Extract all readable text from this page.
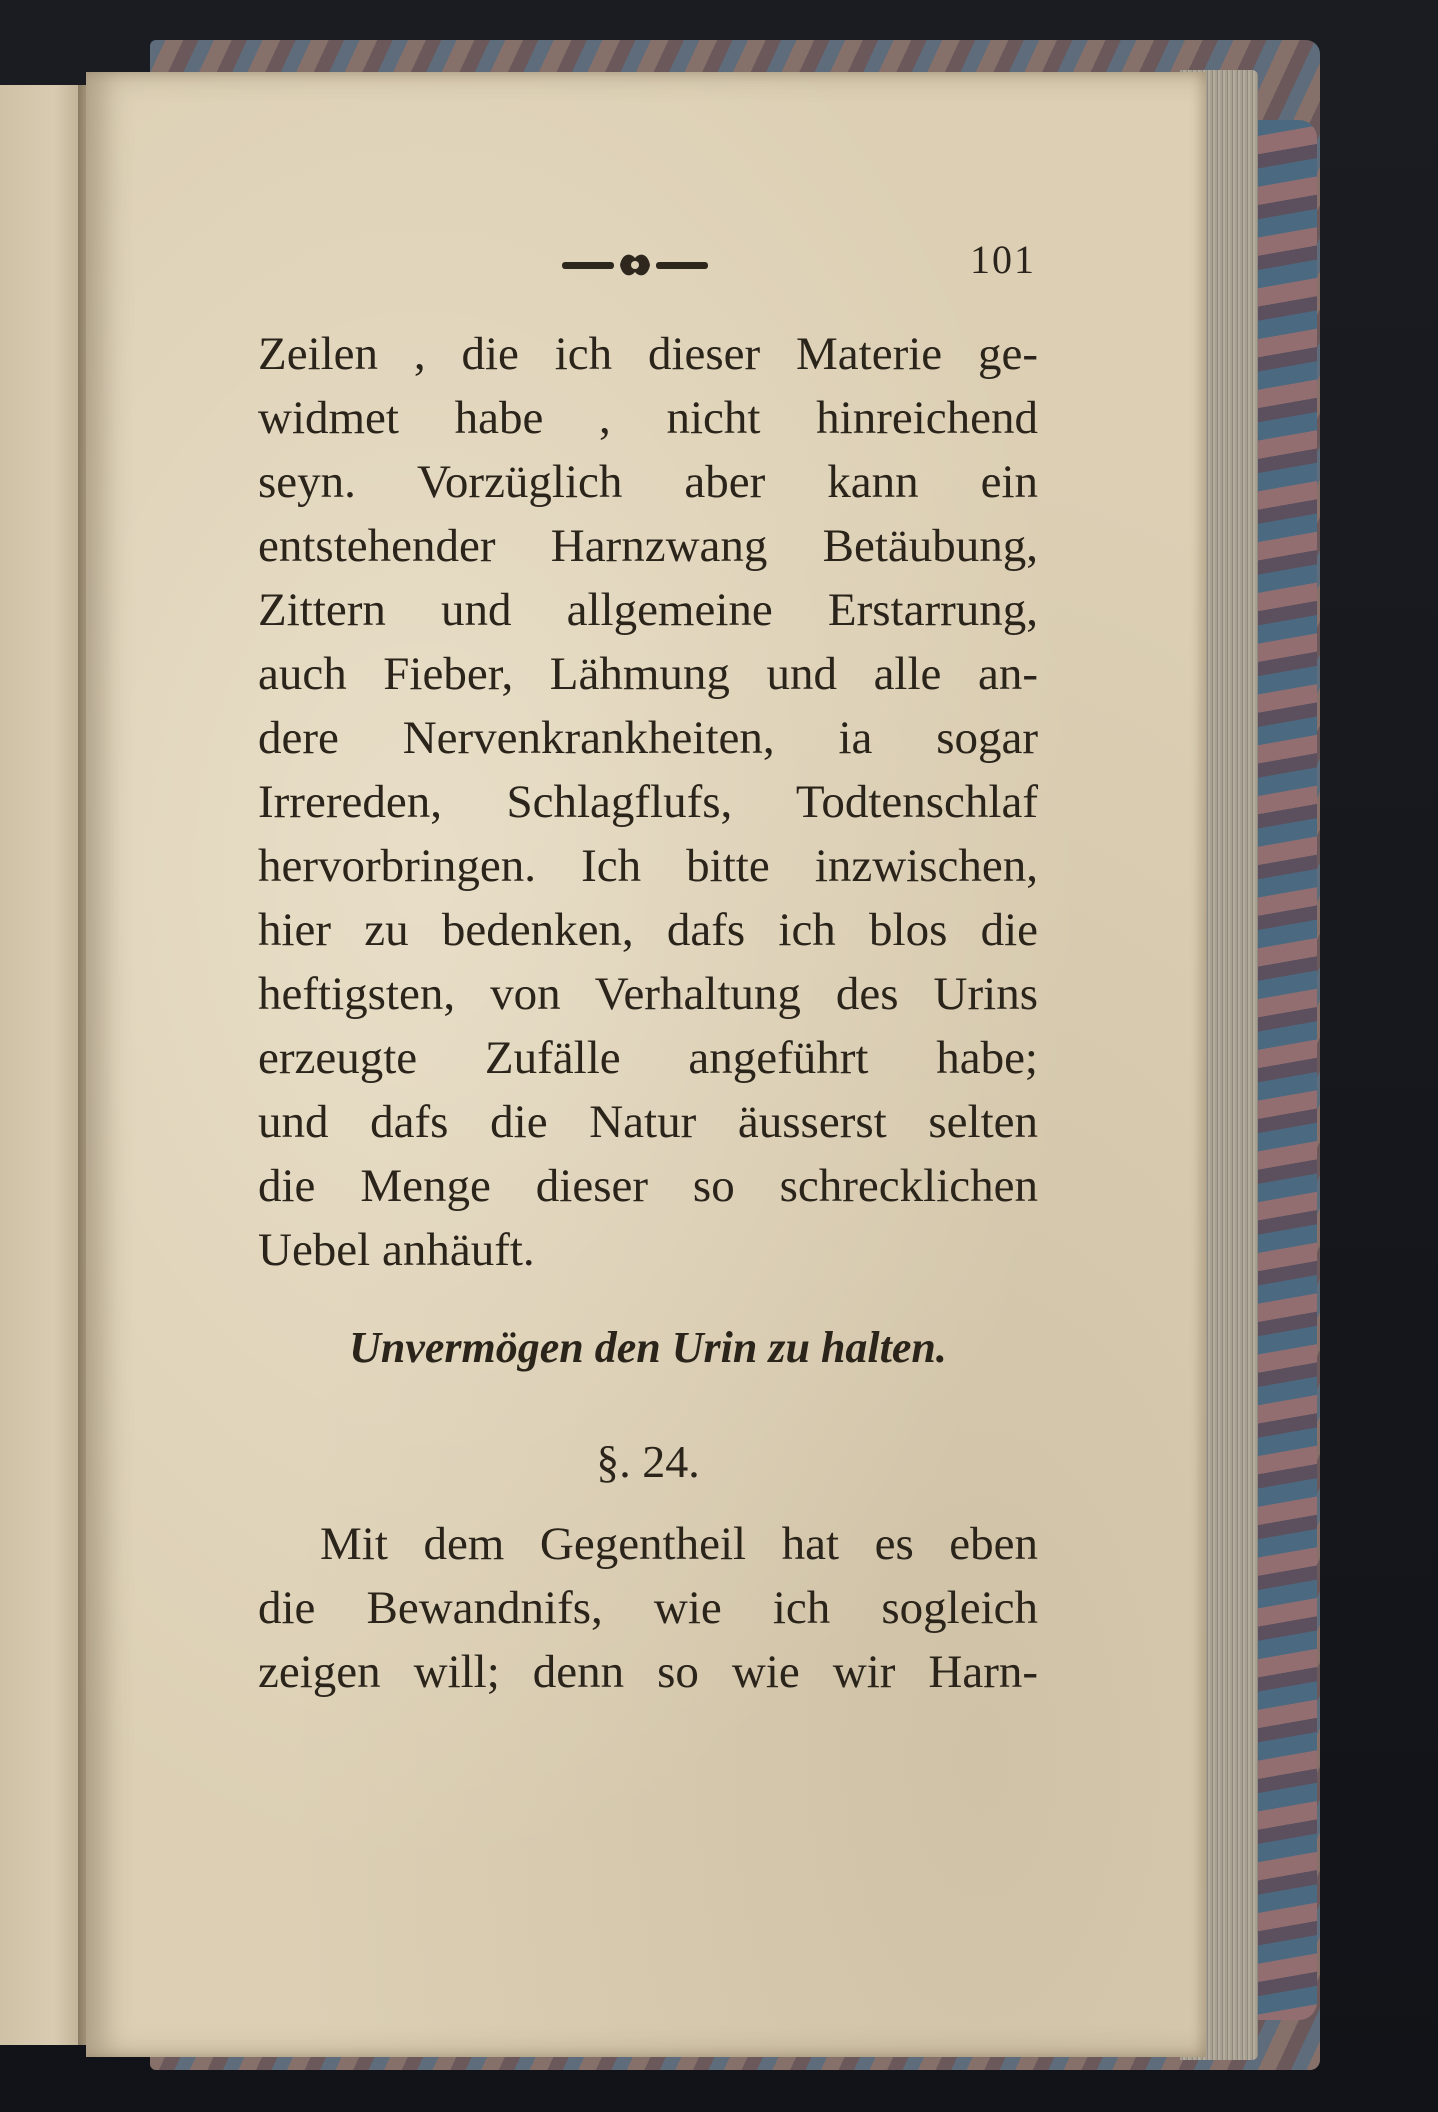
101
Zeilen , die ich dieser Materie ge-
widmet habe , nicht hinreichend
seyn. Vorzüglich aber kann ein
entstehender Harnzwang Betäubung,
Zittern und allgemeine Erstarrung,
auch Fieber, Lähmung und alle an-
dere Nervenkrankheiten, ia sogar
Irrereden, Schlagflufs, Todtenschlaf
hervorbringen. Ich bitte inzwischen,
hier zu bedenken, dafs ich blos die
heftigsten, von Verhaltung des Urins
erzeugte Zufälle angeführt habe;
und dafs die Natur äusserst selten
die Menge dieser so schrecklichen
Uebel anhäuft.
Unvermögen den Urin zu halten.
§. 24.
Mit dem Gegentheil hat es eben
die Bewandnifs, wie ich sogleich
zeigen will; denn so wie wir Harn-
